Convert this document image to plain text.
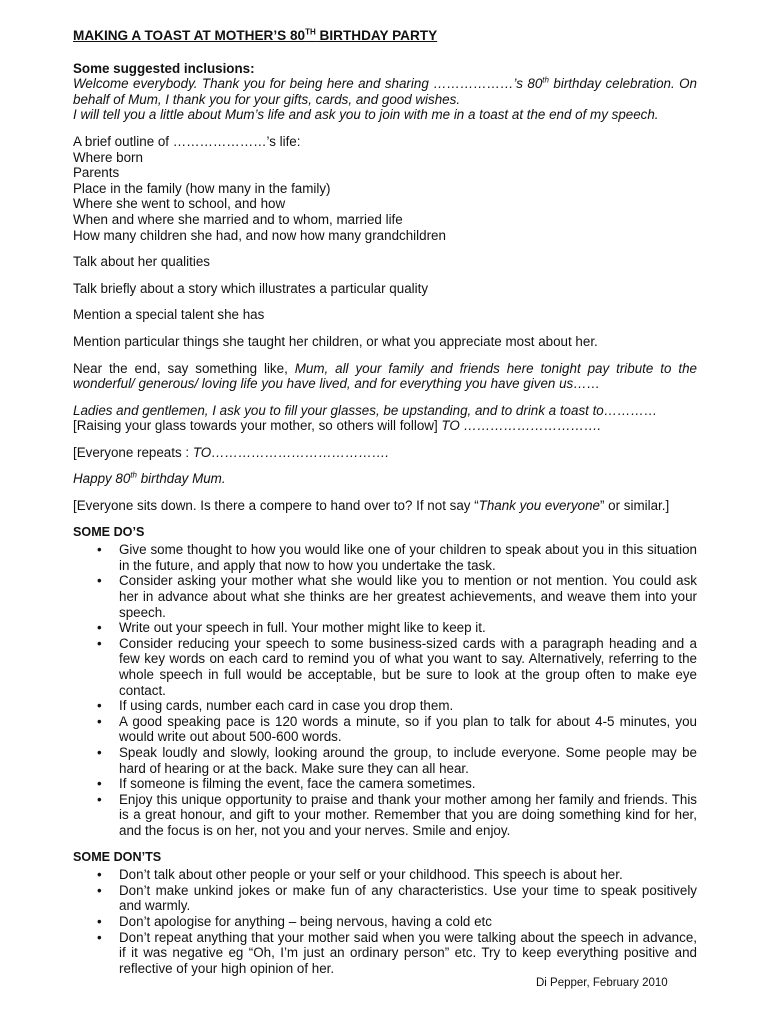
MAKING A TOAST AT MOTHER’S 80TH BIRTHDAY PARTY

Some suggested inclusions:

Welcome everybody. Thank you for being here and sharing ………………’s 80th birthday celebration. On behalf of Mum, I thank you for your gifts, cards, and good wishes.

I will tell you a little about Mum’s life and ask you to join with me in a toast at the end of my speech.

A brief outline of …………………’s life:

Where born
Parents
Place in the family (how many in the family)
Where she went to school, and how
When and where she married and to whom, married life
How many children she had, and now how many grandchildren

Talk about her qualities

Talk briefly about a story which illustrates a particular quality

Mention a special talent she has

Mention particular things she taught her children, or what you appreciate most about her.

Near the end, say something like, Mum, all your family and friends here tonight pay tribute to the wonderful/ generous/ loving life you have lived, and for everything you have given us……

Ladies and gentlemen, I ask you to fill your glasses, be upstanding, and to drink a toast to…………

[Raising your glass towards your mother, so others will follow] TO ………………………….

[Everyone repeats : TO………………………………….

Happy 80th birthday Mum.

[Everyone sits down. Is there a compere to hand over to? If not say “Thank you everyone” or similar.]

SOME DO’S
• Give some thought to how you would like one of your children to speak about you in this situation in the future, and apply that now to how you undertake the task.
• Consider asking your mother what she would like you to mention or not mention. You could ask her in advance about what she thinks are her greatest achievements, and weave them into your speech.
• Write out your speech in full. Your mother might like to keep it.
• Consider reducing your speech to some business-sized cards with a paragraph heading and a few key words on each card to remind you of what you want to say. Alternatively, referring to the whole speech in full would be acceptable, but be sure to look at the group often to make eye contact.
• If using cards, number each card in case you drop them.
• A good speaking pace is 120 words a minute, so if you plan to talk for about 4-5 minutes, you would write out about 500-600 words.
• Speak loudly and slowly, looking around the group, to include everyone. Some people may be hard of hearing or at the back. Make sure they can all hear.
• If someone is filming the event, face the camera sometimes.
• Enjoy this unique opportunity to praise and thank your mother among her family and friends. This is a great honour, and gift to your mother. Remember that you are doing something kind for her, and the focus is on her, not you and your nerves. Smile and enjoy.
SOME DON’TS
• Don’t talk about other people or your self or your childhood. This speech is about her.
• Don’t make unkind jokes or make fun of any characteristics. Use your time to speak positively and warmly.
• Don’t apologise for anything – being nervous, having a cold etc
• Don’t repeat anything that your mother said when you were talking about the speech in advance, if it was negative eg “Oh, I’m just an ordinary person” etc. Try to keep everything positive and reflective of your high opinion of her.
Di Pepper, February 2010
